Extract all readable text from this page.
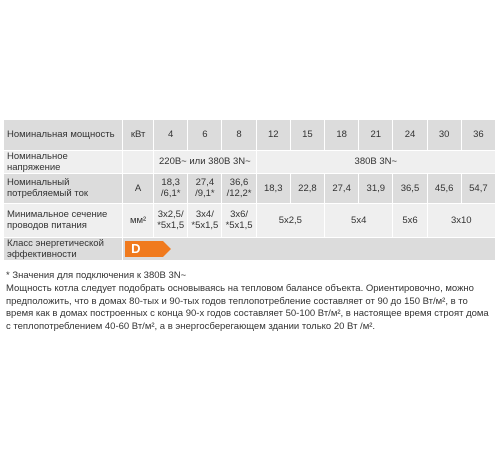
Номинальная мощность	кВт	4	6	8	12	15	18	21	24	30	36
Номинальное напряжение		220В~ или 380В 3N~			380В 3N~						
Номинальный потребляемый ток	А	18,3 /6,1*	27,4 /9,1*	36,6 /12,2*	18,3	22,8	27,4	31,9	36,5	45,6	54,7
Минимальное сечение проводов питания	мм²	3х2,5/ *5х1,5	3х4/ *5х1,5	3х6/ *5х1,5	5х2,5		5х4		5х6	3х10	
Класс энергетической эффективности	D										
* Значения для подключения к 380В 3N~
Мощность котла следует подобрать основываясь на тепловом балансе объекта. Ориентировочно, можно предположить, что в домах 80-тых и 90-тых годов теплопотребление составляет от 90 до 150 Вт/м², в то время как в домах построенных с конца 90-х годов составляет 50-100 Вт/м², в настоящее время строят дома с теплопотреблением 40-60 Вт/м², а в энергосберегающем здании только 20 Вт /м².
